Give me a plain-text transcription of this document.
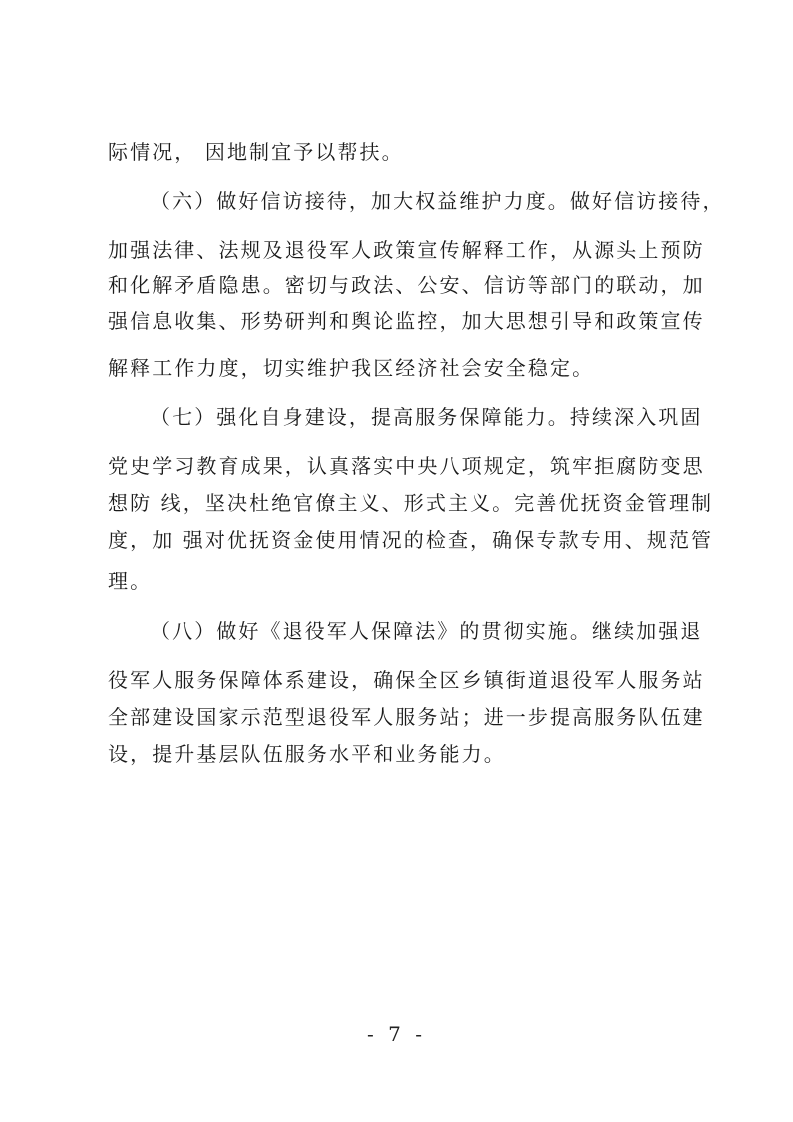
际情况， 因地制宜予以帮扶。
（六）做好信访接待，加大权益维护力度。做好信访接待，
加强法律、法规及退役军人政策宣传解释工作，从源头上预防
和化解矛盾隐患。密切与政法、公安、信访等部门的联动，加
强信息收集、形势研判和舆论监控，加大思想引导和政策宣传
解释工作力度，切实维护我区经济社会安全稳定。
（七）强化自身建设，提高服务保障能力。持续深入巩固
党史学习教育成果，认真落实中央八项规定，筑牢拒腐防变思
想防 线，坚决杜绝官僚主义、形式主义。完善优抚资金管理制
度，加 强对优抚资金使用情况的检查，确保专款专用、规范管
理。
（八）做好《退役军人保障法》的贯彻实施。继续加强退
役军人服务保障体系建设，确保全区乡镇街道退役军人服务站
全部建设国家示范型退役军人服务站；进一步提高服务队伍建
设，提升基层队伍服务水平和业务能力。
- 7 -
